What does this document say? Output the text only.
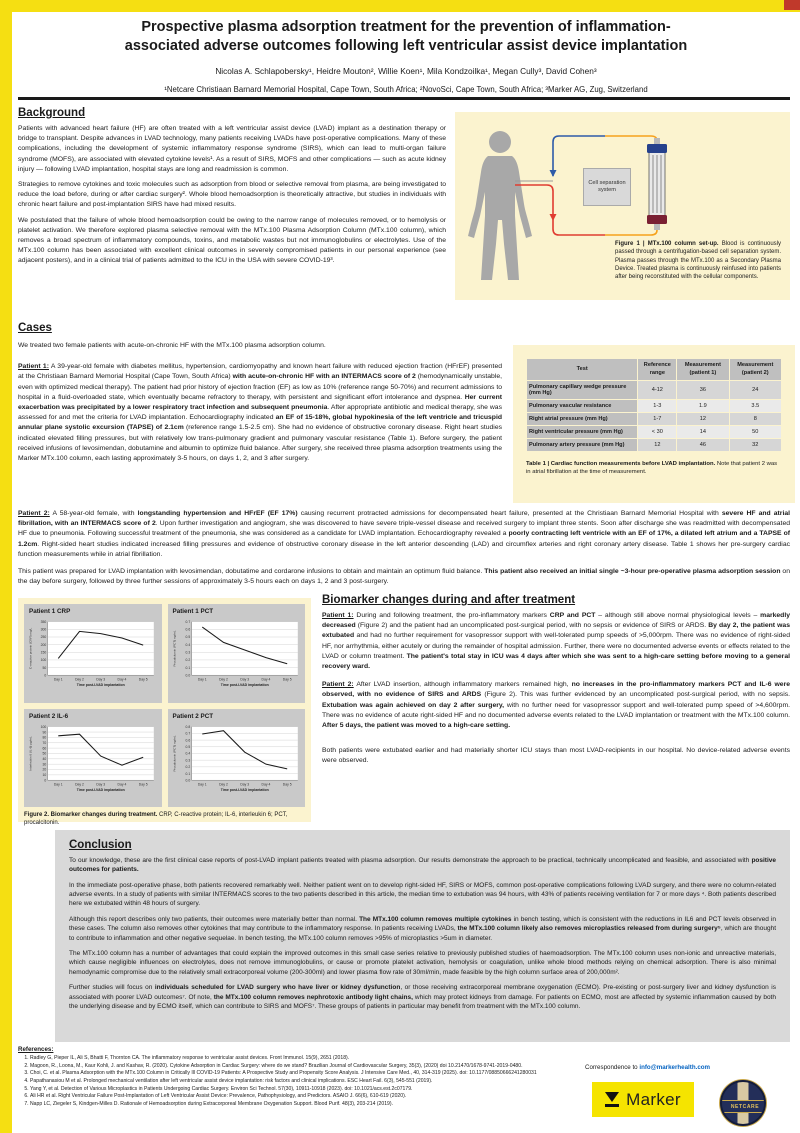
Prospective plasma adsorption treatment for the prevention of inflammation-associated adverse outcomes following left ventricular assist device implantation
Nicolas A. Schlapobersky¹, Heidre Mouton², Willie Koen¹, Mila Kondzoilka¹, Megan Cully³, David Cohen³
¹Netcare Christiaan Barnard Memorial Hospital, Cape Town, South Africa; ²NovoSci, Cape Town, South Africa; ³Marker AG, Zug, Switzerland
Background

Patients with advanced heart failure (HF) are often treated with a left ventricular assist device (LVAD) implant as a destination therapy or bridge to transplant. Despite advances in LVAD technology, many patients receiving LVADs have post-operative complications. Many of these complications, including the development of systemic inflammatory response syndrome (SIRS), which can lead to multi-organ failure syndrome (MOFS), are associated with elevated cytokine levels¹. As a result of SIRS, MOFS and other complications — such as acute kidney injury — following LVAD implantation, hospital stays are long and readmission is common.

Strategies to remove cytokines and toxic molecules such as adsorption from blood or selective removal from plasma, are being investigated to reduce the load before, during or after cardiac surgery². Whole blood hemoadsorption is theoretically attractive, but studies in individuals with chronic heart failure and post-implantation SIRS have had mixed results.

We postulated that the failure of whole blood hemoadsorption could be owing to the narrow range of molecules removed, or to hemolysis or platelet activation. We therefore explored plasma selective removal with the MTx.100 Plasma Adsorption Column (MTx.100 column), which removes a broad spectrum of inflammatory compounds, toxins, and metabolic wastes but not immunoglobulins or electrolytes. Use of the MTx.100 column has been associated with excellent clinical outcomes in severely compromised patients in our personal experience (see adjacent posters), and in a clinical trial of patients admitted to the ICU in the USA with severe COVID-19³.

Cell separation system

Figure 1 | MTx.100 column set-up. Blood is continuously passed through a centrifugation-based cell separation system. Plasma passes through the MTx.100 as a Secondary Plasma Device. Treated plasma is continuously reinfused into patients after being reconstituted with the cellular components.

Cases

We treated two female patients with acute-on-chronic HF with the MTx.100 plasma adsorption column.

Patient 1: A 39-year-old female with diabetes mellitus, hypertension, cardiomyopathy and known heart failure with reduced ejection fraction (HFrEF) presented at the Christiaan Barnard Memorial Hospital (Cape Town, South Africa) with acute-on-chronic HF with an INTERMACS score of 2 (hemodynamically unstable, even with optimized medical therapy). The patient had prior history of ejection fraction (EF) as low as 10% (reference range 50-70%) and recurrent admissions to hospital in a fluid-overloaded state, which eventually became refractory to therapy, with persistent and significant effort intolerance and dyspnea. Her current exacerbation was precipitated by a lower respiratory tract infection and subsequent pneumonia. After appropriate antibiotic and medical therapy, she was assessed for and met the criteria for LVAD implantation. Echocardiography indicated an EF of 15-18%, global hypokinesia of the left ventricle and tricuspid annular plane systolic excursion (TAPSE) of 2.1cm (reference range 1.5-2.5 cm). She had no evidence of obstructive coronary disease. Right heart studies indicated elevated filling pressures, but with relatively low trans-pulmonary gradient and pulmonary vascular resistance (Table 1). Before surgery, the patient received infusions of levosimendan, dobutamine and albumin to optimize fluid balance. After surgery, she received three plasma adsorption treatments using the Marker MTx.100 column, each lasting approximately 3-5 hours, on days 1, 2, and 3 after surgery.

Test	Reference range	Measurement (patient 1)	Measurement (patient 2)
Pulmonary capillary wedge pressure (mm Hg)	4-12	36	24
Pulmonary vascular resistance	1-3	1.9	3.5
Right atrial pressure (mm Hg)	1-7	12	8
Right ventricular pressure (mm Hg)	< 30	14	50
Pulmonary artery pressure (mm Hg)	12	46	32
Table 1 | Cardiac function measurements before LVAD implantation. Note that patient 2 was in atrial fibrillation at the time of measurement.

Patient 2: A 58-year-old female, with longstanding hypertension and HFrEF (EF 17%) causing recurrent protracted admissions for decompensated heart failure, presented at the Christiaan Barnard Memorial Hospital with severe HF and atrial fibrillation, with an INTERMACS score of 2. Upon further investigation and angiogram, she was discovered to have severe triple-vessel disease and received surgery to implant three stents. Soon after discharge she was readmitted with decompensated HF due to pneumonia. Following successful treatment of the pneumonia, she was considered as a candidate for LVAD implantation. Echocardiography revealed a poorly contracting left ventricle with an EF of 17%, a dilated left atrium and a TAPSE of 1.2cm. Right-sided heart studies indicated increased filling pressures and evidence of obstructive coronary disease in the left anterior descending (LAD) and circumflex arteries and right coronary artery disease. Table 1 shows her pre-surgery cardiac function measurements while in atrial fibrillation.

This patient was prepared for LVAD implantation with levosimendan, dobutatime and cordarone infusions to obtain and maintain an optimum fluid balance. This patient also received an initial single ~3-hour pre-operative plasma adsorption session on the day before surgery, followed by three further sessions of approximately 3-5 hours each on days 1, 2 and 3 post-surgery.

Patient 1 CRP
0
50
100
150
200
250
300
350
Day 1	Day 2	Day 3	Day 4	Day 5
Time post-LVAD implantation
C-reactive protein (CRP) mg/L
Patient 1 PCT
0.0
0.1
0.2
0.3
0.4
0.5
0.6
0.7
Day 1	Day 2	Day 3	Day 4	Day 5
Time post-LVAD implantation
Procalcitonin (PCT) ng/mL
Patient 2 IL-6
0
10
20
30
40
50
60
70
80
90
100
Day 1	Day 2	Day 3	Day 4	Day 5
Time post-LVAD implantation
Interleukin 6 (IL-6) pg/mL
Patient 2 PCT
0.0
0.1
0.2
0.3
0.4
0.5
0.6
0.7
0.8
Day 1	Day 2	Day 3	Day 4	Day 5
Time post-LVAD implantation
Procalcitonin (PCT) ng/mL
Figure 2. Biomarker changes during treatment. CRP, C-reactive protein; IL-6, interleukin 6; PCT, procalcitonin.
Biomarker changes during and after treatment

Patient 1: During and following treatment, the pro-inflammatory markers CRP and PCT – although still above normal physiological levels – markedly decreased (Figure 2) and the patient had an uncomplicated post-surgical period, with no sepsis or evidence of SIRS or ARDS. By day 2, the patient was extubated and had no further requirement for vasopressor support with well-tolerated pump speeds of >5,000rpm. There was no evidence of right-sided HF, nor arrhythmia, either acutely or during the remainder of hospital admission. Further, there were no documented adverse events or effects related to the LVAD or column treatment. The patient's total stay in ICU was 4 days after which she was sent to a high-care setting before moving to a general recovery ward.

Patient 2: After LVAD insertion, although inflammatory markers remained high, no increases in the pro-inflammatory markers PCT and IL-6 were observed, with no evidence of SIRS and ARDS (Figure 2). This was further evidenced by an uncomplicated post-surgical period, with no sepsis. Extubation was again achieved on day 2 after surgery, with no further need for vasopressor support and well-tolerated pump speed of >4,600rpm. There was no evidence of acute right-sided HF and no documented adverse events related to the LVAD implantation or treatment with the MTx.100 column. After 5 days, the patient was moved to a high-care setting.

Both patients were extubated earlier and had materially shorter ICU stays than most LVAD-recipients in our hospital. No device-related adverse events were observed.

Conclusion

To our knowledge, these are the first clinical case reports of post-LVAD implant patients treated with plasma adsorption. Our results demonstrate the approach to be practical, technically uncomplicated and feasible, and associated with positive outcomes for patients.

In the immediate post-operative phase, both patients recovered remarkably well. Neither patient went on to develop right-sided HF, SIRS or MOFS, common post-operative complications following LVAD surgery, and there were no column-related adverse events. In a study of patients with similar INTERMACS scores to the two patients described in this article, the median time to extubation was 94 hours, with 43% of patients receiving ventilation for 7 or more days ⁴. Both patients described here we extubated within 48 hours of surgery.

Although this report describes only two patients, their outcomes were materially better than normal. The MTx.100 column removes multiple cytokines in bench testing, which is consistent with the reductions in IL6 and PCT levels observed in these cases. The column also removes other cytokines that may contribute to the inflammatory response. In patients receiving LVADs, the MTx.100 column likely also removes microplastics released from during surgery⁵, which are thought to contribute to inflammation and other negative sequelae. In bench testing, the MTx.100 column removes >95% of microplastics >5um in diameter.

The MTx.100 column has a number of advantages that could explain the improved outcomes in this small case series relative to previously published studies of haemoadsorption. The MTx.100 column uses non-ionic and unreactive materials, which cause negligible influences on electrolytes, does not remove immunoglobulins, or cause or promote platelet activation, hemolysis or coagulation, unlike whole blood methods relying on chemical adsorption. There is also minimal hemodynamic compromise due to the relatively small extracorporeal volume (200-300ml) and lower plasma flow rate of 30ml/min, made feasible by the high column surface area of 200,000m².

Further studies will focus on individuals scheduled for LVAD surgery who have liver or kidney dysfunction, or those receiving extracorporeal membrane oxygenation (ECMO). Pre-existing or post-surgery liver and kidney dysfunction is associated with poorer LVAD outcomes⁷. Of note, the MTx.100 column removes nephrotoxic antibody light chains, which may protect kidneys from damage. For patients on ECMO, most are affected by systemic inflammation caused by both the underlying disease and by ECMO itself, which can contribute to SIRS and MOFS⁷. These groups of patients in particular may benefit from treatment with the MTx.100 column.

References:
1. Radley G, Pieper IL, Ali S, Bhatti F, Thornton CA. The inflammatory response to ventricular assist devices. Front Immunol. 15(9), 2651 (2018).
2. Magoon, R., Loona, M., Kaur Kohli, J. and Kashav, R. (2020). Cytokine Adsorption in Cardiac Surgery: where do we stand? Brazilian Journal of Cardiovascular Surgery, 35(3), (2020) doi 10.21470/1678-9741-2019-0480.
3. Choi, C. et al. Plasma Adsorption with the MTx.100 Column in Critically Ill COVID-19 Patients: A Prospective Study and Propensity Score Analysis. J Intensive Care Med., 40, 314-319 (2025). doi: 10.1177/08850666241280031
4. Papathanasiou M et al. Prolonged mechanical ventilation after left ventricular assist device implantation: risk factors and clinical implications. ESC Heart Fail. 6(3), 545-551 (2019).
5. Yang Y, et al. Detection of Various Microplastics in Patients Undergoing Cardiac Surgery. Environ Sci Technol. 57(30), 10911-10918 (2023). doi: 10.1021/acs.est.2c07179.
6. Ali HR et al. Right Ventricular Failure Post-Implantation of Left Ventricular Assist Device: Prevalence, Pathophysiology, and Predictors. ASAIO J. 66(6), 610-619 (2020).
7. Napp LC, Ziegeler S, Kindgen-Milles D. Rationale of Hemoadsorption during Extracorporeal Membrane Oxygenation Support. Blood Purif. 48(3), 203-214 (2019).
Correspondence to info@markerhealth.com
Marker	NETCARE
